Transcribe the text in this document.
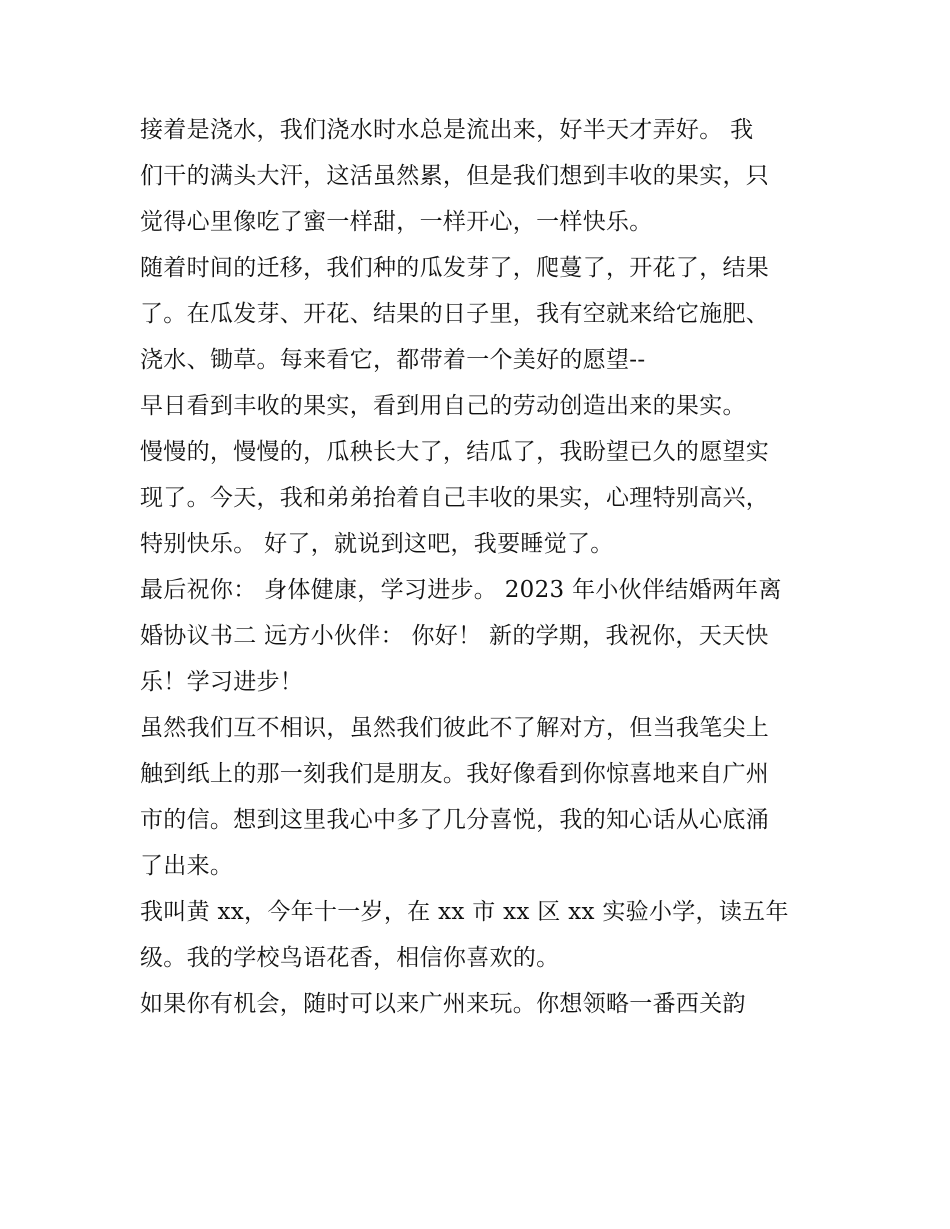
接着是浇水，我们浇水时水总是流出来，好半天才弄好。 我
们干的满头大汗，这活虽然累，但是我们想到丰收的果实，只
觉得心里像吃了蜜一样甜，一样开心，一样快乐。
随着时间的迁移，我们种的瓜发芽了，爬蔓了，开花了，结果
了。在瓜发芽、开花、结果的日子里，我有空就来给它施肥、
浇水、锄草。每来看它，都带着一个美好的愿望--
早日看到丰收的果实，看到用自己的劳动创造出来的果实。
慢慢的，慢慢的，瓜秧长大了，结瓜了，我盼望已久的愿望实
现了。今天，我和弟弟抬着自己丰收的果实，心理特别高兴，
特别快乐。 好了，就说到这吧，我要睡觉了。
最后祝你： 身体健康，学习进步。 2023 年小伙伴结婚两年离
婚协议书二 远方小伙伴： 你好！ 新的学期，我祝你，天天快
乐！学习进步！
虽然我们互不相识，虽然我们彼此不了解对方，但当我笔尖上
触到纸上的那一刻我们是朋友。我好像看到你惊喜地来自广州
市的信。想到这里我心中多了几分喜悦，我的知心话从心底涌
了出来。
我叫黄 xx，今年十一岁，在 xx 市 xx 区 xx 实验小学，读五年
级。我的学校鸟语花香，相信你喜欢的。
如果你有机会，随时可以来广州来玩。你想领略一番西关韵
